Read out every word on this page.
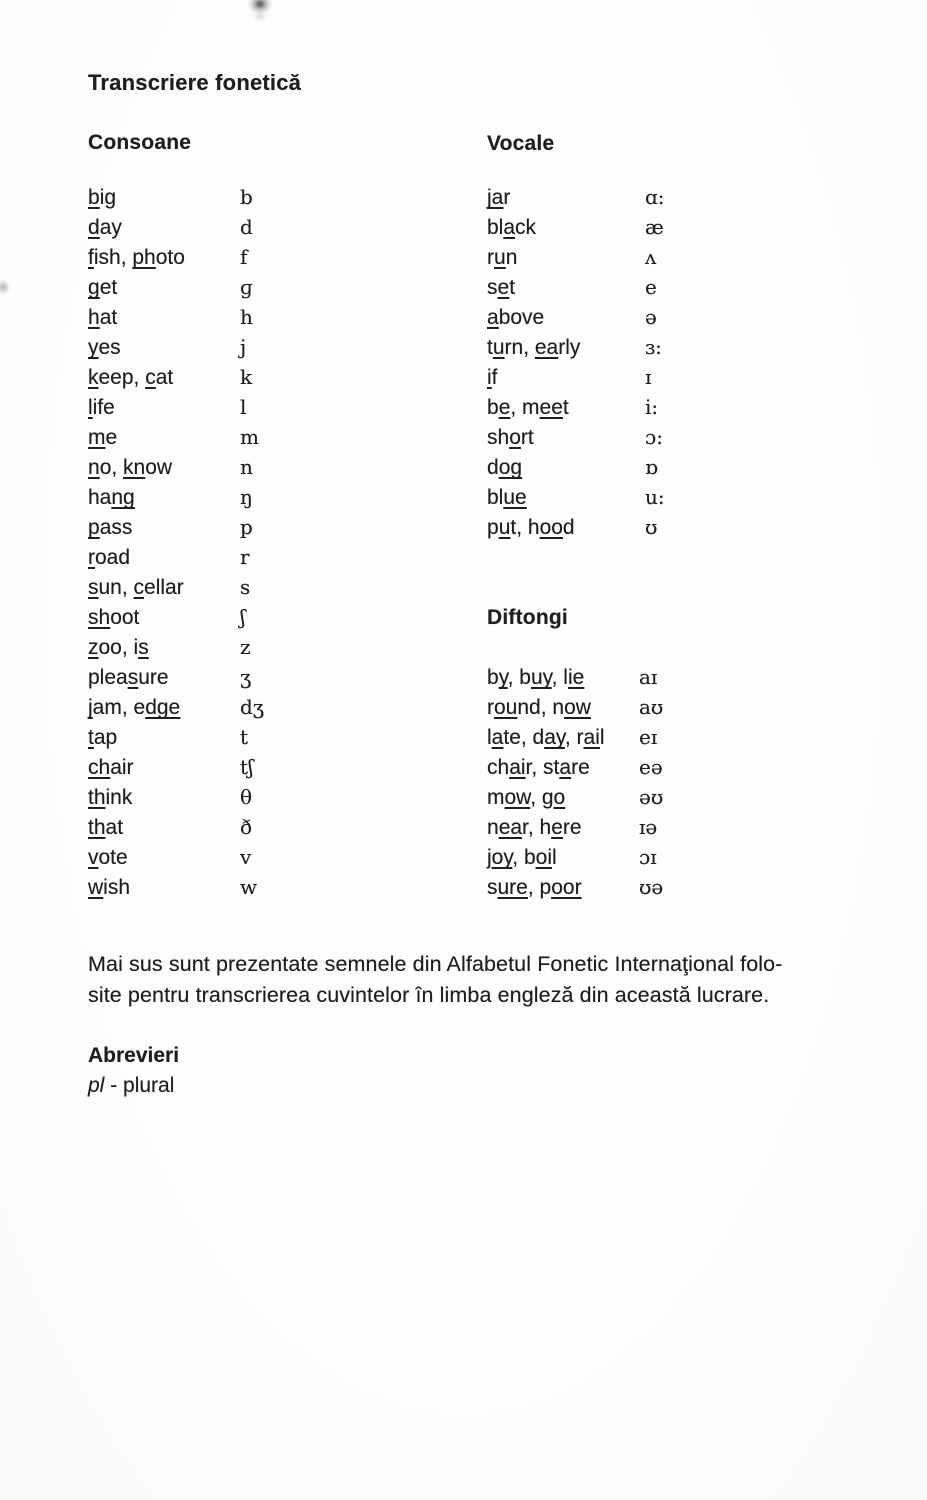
Transcriere fonetică
Consoane	Vocale
Diftongi
big	b
day	d
fish, photo	f
get	ɡ
hat	h
yes	j
keep, cat	k
life	l
me	m
no, know	n
hang	ŋ
pass	p
road	r
sun, cellar	s
shoot	ʃ
zoo, is	z
pleasure	ʒ
jam, edge	dʒ
tap	t
chair	tʃ
think	θ
that	ð
vote	v
wish	w
jar	ɑ:
black	æ
run	ʌ
set	e
above	ə
turn, early	ɜ:
if	ɪ
be, meet	i:
short	ɔ:
dog	ɒ
blue	u:
put, hood	ʊ
by, buy, lie	aɪ
round, now	aʊ
late, day, rail	eɪ
chair, stare	eə
mow, go	əʊ
near, here	ɪə
joy, boil	ɔɪ
sure, poor	ʊə
Mai sus sunt prezentate semnele din Alfabetul Fonetic Internaţional folo-
site pentru transcrierea cuvintelor în limba engleză din această lucrare.
Abrevieri
pl - plural
